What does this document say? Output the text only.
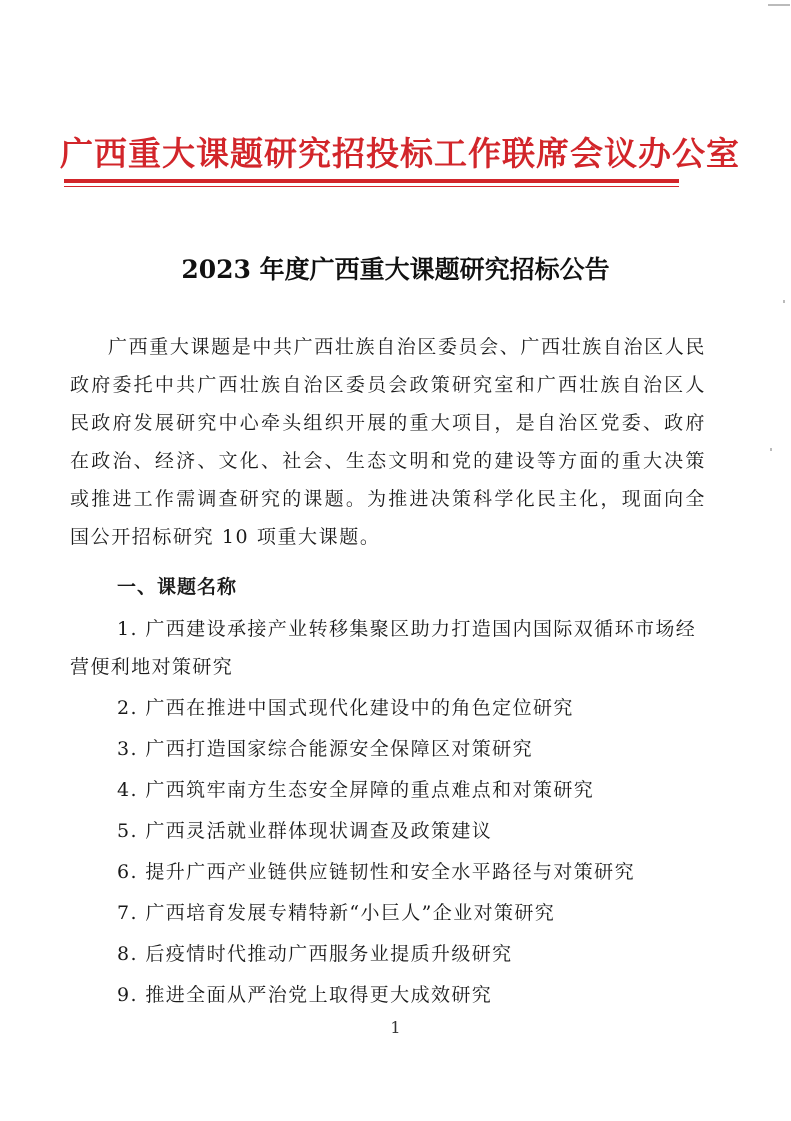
广西重大课题研究招投标工作联席会议办公室
2023 年度广西重大课题研究招标公告

广西重大课题是中共广西壮族自治区委员会、广西壮族自治区人民政府委托中共广西壮族自治区委员会政策研究室和广西壮族自治区人民政府发展研究中心牵头组织开展的重大项目，是自治区党委、政府在政治、经济、文化、社会、生态文明和党的建设等方面的重大决策或推进工作需调查研究的课题。为推进决策科学化民主化，现面向全国公开招标研究 10 项重大课题。

一、课题名称
1. 广西建设承接产业转移集聚区助力打造国内国际双循环市场经营便利地对策研究
2. 广西在推进中国式现代化建设中的角色定位研究
3. 广西打造国家综合能源安全保障区对策研究
4. 广西筑牢南方生态安全屏障的重点难点和对策研究
5. 广西灵活就业群体现状调查及政策建议
6. 提升广西产业链供应链韧性和安全水平路径与对策研究
7. 广西培育发展专精特新“小巨人”企业对策研究
8. 后疫情时代推动广西服务业提质升级研究
9. 推进全面从严治党上取得更大成效研究
1
